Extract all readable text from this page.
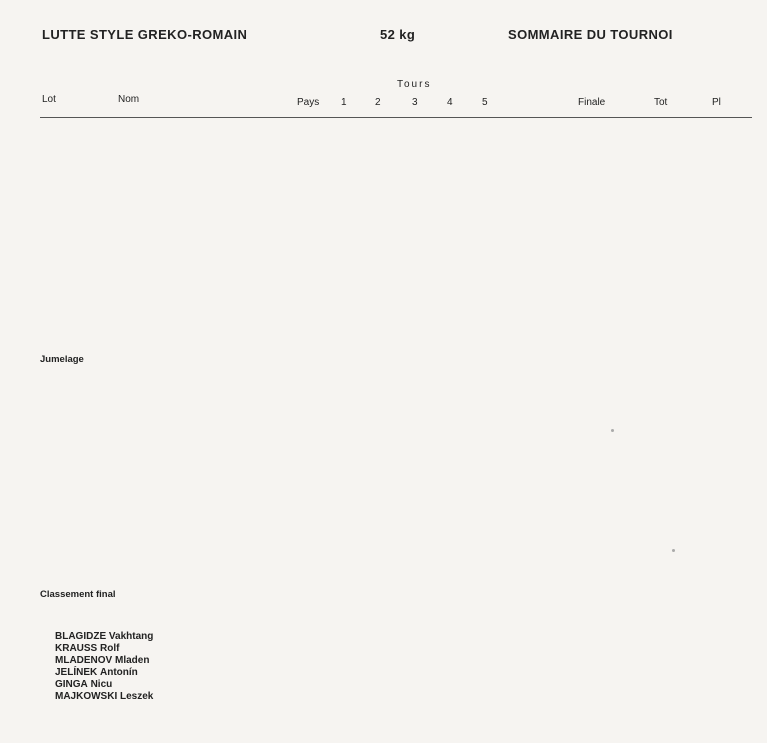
LUTTE STYLE GREKO-ROMAIN	52 kg	SOMMAIRE DU TOURNOI
Tours
Lot	Nom	Pays 1	2	3	4	5	Finale	Tot	Pl
Jumelage
Classement final
BLAGIDZE Vakhtang
KRAUSS Rolf
MLADENOV Mladen
JELÍNEK Antonín
GINGA Nicu
MAJKOWSKI Leszek
